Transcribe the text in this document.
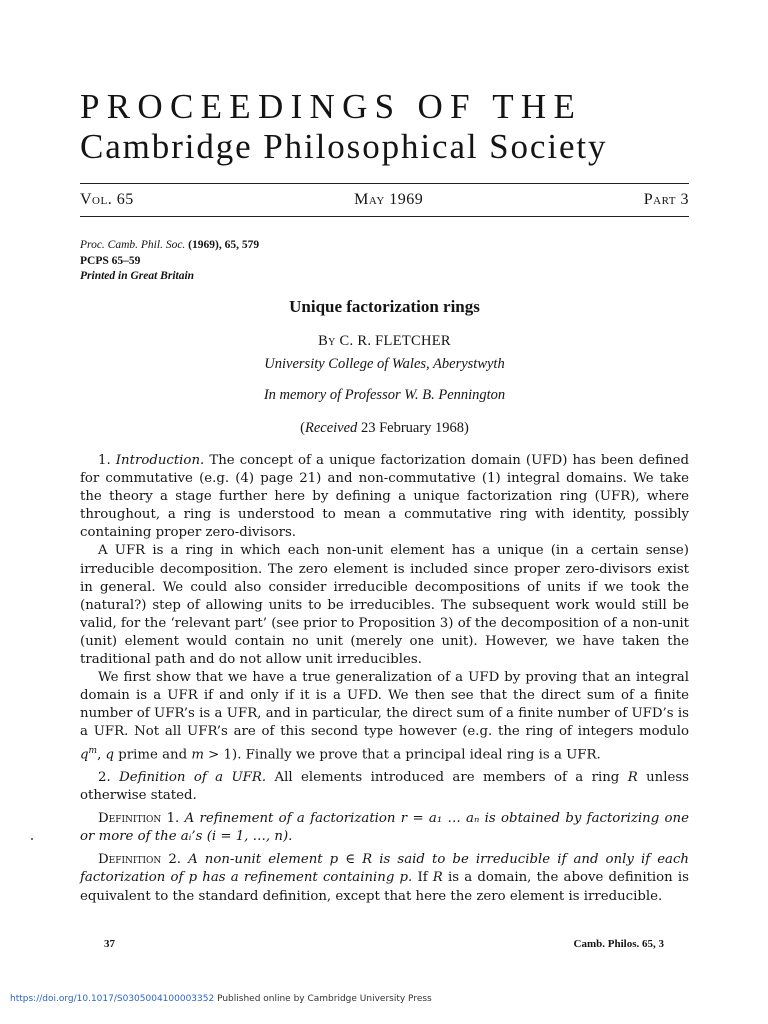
PROCEEDINGS OF THE
Cambridge Philosophical Society
Vol. 65	May 1969	Part 3
Proc. Camb. Phil. Soc. (1969), 65, 579
PCPS 65–59
Printed in Great Britain
Unique factorization rings
By C. R. FLETCHER
University College of Wales, Aberystwyth
In memory of Professor W. B. Pennington
(Received 23 February 1968)

1. Introduction. The concept of a unique factorization domain (UFD) has been defined for commutative (e.g. (4) page 21) and non-commutative (1) integral domains. We take the theory a stage further here by defining a unique factorization ring (UFR), where throughout, a ring is understood to mean a commutative ring with identity, possibly containing proper zero-divisors.

A UFR is a ring in which each non-unit element has a unique (in a certain sense) irreducible decomposition. The zero element is included since proper zero-divisors exist in general. We could also consider irreducible decompositions of units if we took the (natural?) step of allowing units to be irreducibles. The subsequent work would still be valid, for the ‘relevant part’ (see prior to Proposition 3) of the decomposition of a non-unit (unit) element would contain no unit (merely one unit). However, we have taken the traditional path and do not allow unit irreducibles.

We first show that we have a true generalization of a UFD by proving that an integral domain is a UFR if and only if it is a UFD. We then see that the direct sum of a finite number of UFR’s is a UFR, and in particular, the direct sum of a finite number of UFD’s is a UFR. Not all UFR’s are of this second type however (e.g. the ring of integers modulo $q^m$, q prime and m > 1). Finally we prove that a principal ideal ring is a UFR.

2. Definition of a UFR. All elements introduced are members of a ring R unless otherwise stated.

Definition 1. A refinement of a factorization r = a₁ … aₙ is obtained by factorizing one or more of the aᵢ’s (i = 1, …, n).

Definition 2. A non-unit element p ∈ R is said to be irreducible if and only if each factorization of p has a refinement containing p. If R is a domain, the above definition is equivalent to the standard definition, except that here the zero element is irreducible.

37	Camb. Philos. 65, 3
https://doi.org/10.1017/S0305004100003352 Published online by Cambridge University Press
